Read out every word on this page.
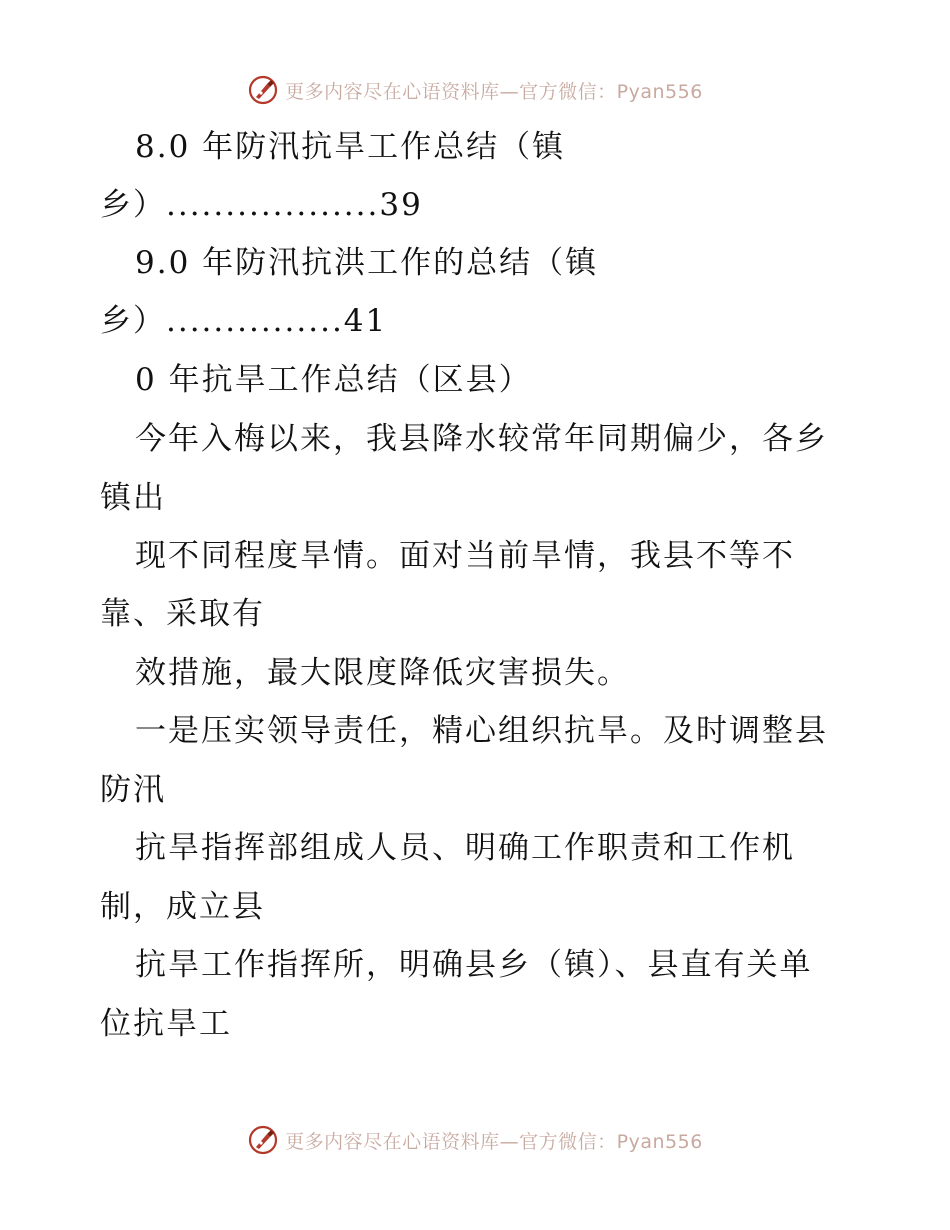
更多内容尽在心语资料库—官方微信：Pyan556
8.0 年防汛抗旱工作总结（镇
乡）..................39
9.0 年防汛抗洪工作的总结（镇
乡）...............41
0 年抗旱工作总结（区县）
今年入梅以来，我县降水较常年同期偏少，各乡
镇出
现不同程度旱情。面对当前旱情，我县不等不
靠、采取有
效措施，最大限度降低灾害损失。
一是压实领导责任，精心组织抗旱。及时调整县
防汛
抗旱指挥部组成人员、明确工作职责和工作机
制，成立县
抗旱工作指挥所，明确县乡（镇）、县直有关单
位抗旱工
更多内容尽在心语资料库—官方微信：Pyan556
